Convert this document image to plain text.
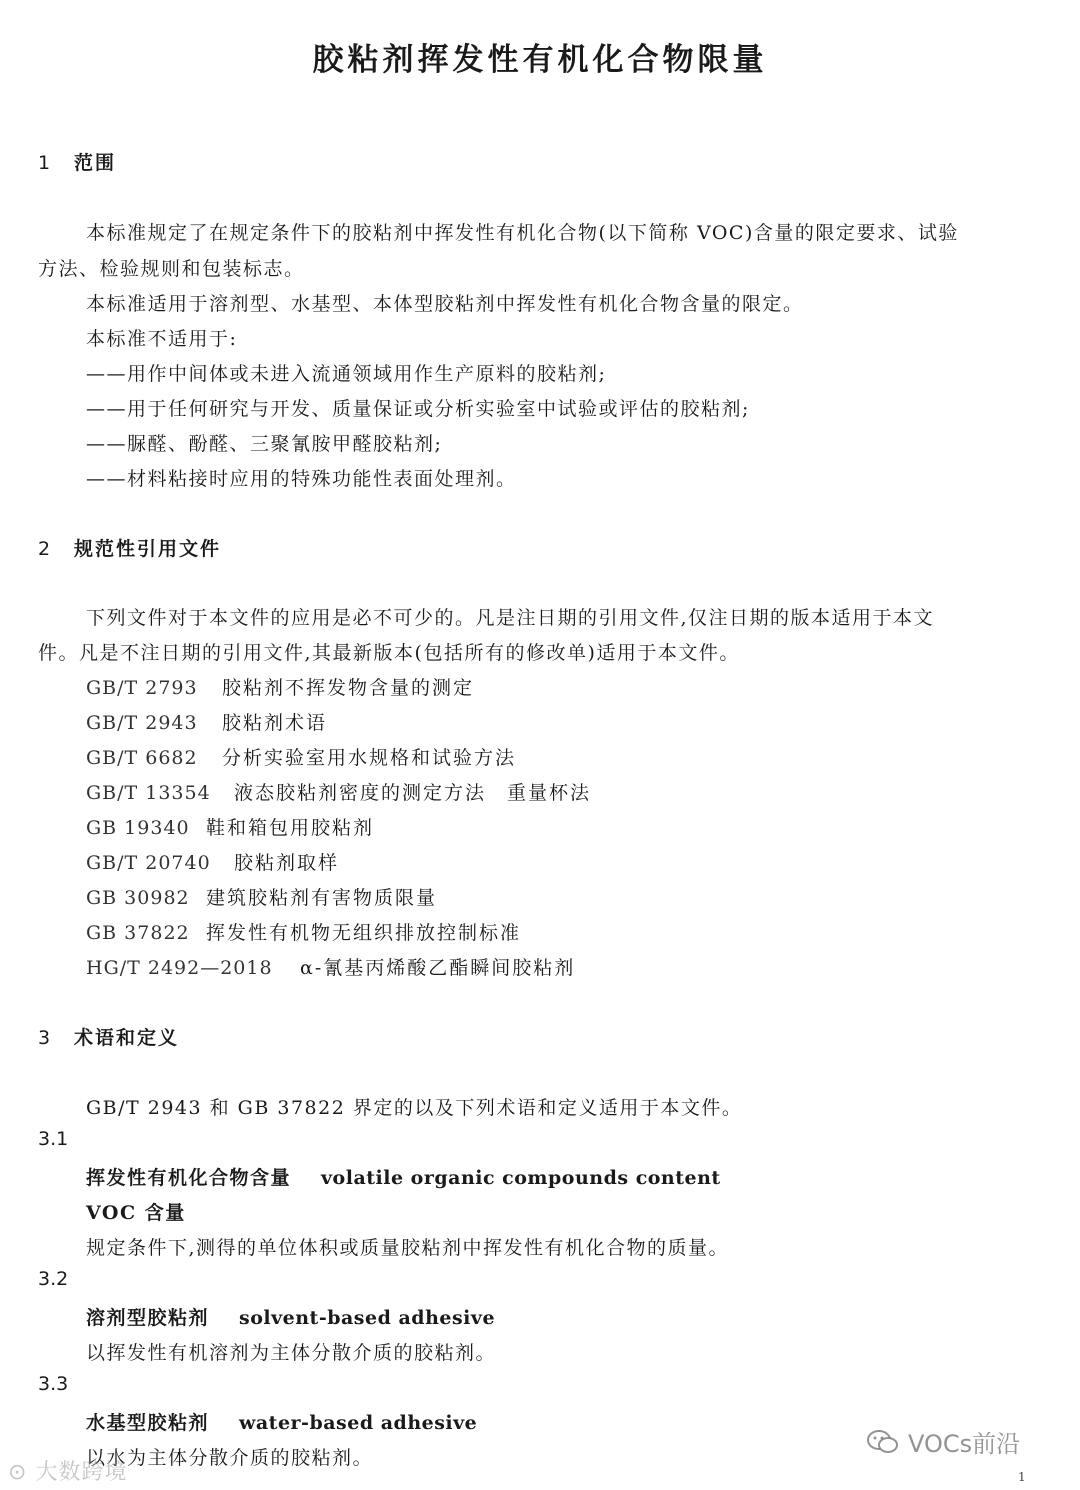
胶粘剂挥发性有机化合物限量
1 范围
本标准规定了在规定条件下的胶粘剂中挥发性有机化合物(以下简称 VOC)含量的限定要求、试验
方法、检验规则和包装标志。
本标准适用于溶剂型、水基型、本体型胶粘剂中挥发性有机化合物含量的限定。
本标准不适用于:
——用作中间体或未进入流通领域用作生产原料的胶粘剂;
——用于任何研究与开发、质量保证或分析实验室中试验或评估的胶粘剂;
——脲醛、酚醛、三聚氰胺甲醛胶粘剂;
——材料粘接时应用的特殊功能性表面处理剂。
2 规范性引用文件
下列文件对于本文件的应用是必不可少的。凡是注日期的引用文件,仅注日期的版本适用于本文
件。凡是不注日期的引用文件,其最新版本(包括所有的修改单)适用于本文件。
GB/T 2793 胶粘剂不挥发物含量的测定
GB/T 2943 胶粘剂术语
GB/T 6682 分析实验室用水规格和试验方法
GB/T 13354 液态胶粘剂密度的测定方法　重量杯法
GB 19340 鞋和箱包用胶粘剂
GB/T 20740 胶粘剂取样
GB 30982 建筑胶粘剂有害物质限量
GB 37822 挥发性有机物无组织排放控制标准
HG/T 2492—2018 α-氰基丙烯酸乙酯瞬间胶粘剂
3 术语和定义
GB/T 2943 和 GB 37822 界定的以及下列术语和定义适用于本文件。
3.1
挥发性有机化合物含量 volatile organic compounds content
VOC 含量
规定条件下,测得的单位体积或质量胶粘剂中挥发性有机化合物的质量。
3.2
溶剂型胶粘剂 solvent-based adhesive
以挥发性有机溶剂为主体分散介质的胶粘剂。
3.3
水基型胶粘剂 water-based adhesive
以水为主体分散介质的胶粘剂。
⊙ 大数跨境
VOCs前沿
1
